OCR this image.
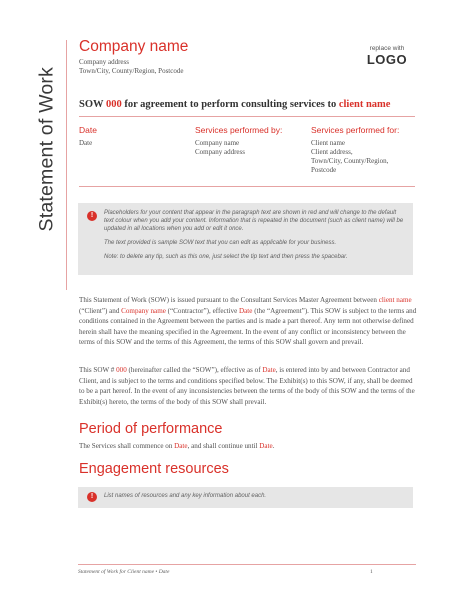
Statement of Work
Company name
Company address
Town/City, County/Region, Postcode
replace with
LOGO
SOW 000 for agreement to perform consulting services to client name
Date
Date
Services performed by:
Company name
Company address
Services performed for:
Client name
Client address,
Town/City, County/Region,
Postcode
!	Placeholders for your content that appear in the paragraph text are shown in red and will change to the default text colour when you add your content. Information that is repeated in the document (such as client name) will be updated in all locations when you add or edit it once.

The text provided is sample SOW text that you can edit as applicable for your business.

Note: to delete any tip, such as this one, just select the tip text and then press the spacebar.

This Statement of Work (SOW) is issued pursuant to the Consultant Services Master Agreement between client name (“Client”) and Company name (“Contractor”), effective Date (the “Agreement”). This SOW is subject to the terms and conditions contained in the Agreement between the parties and is made a part thereof. Any term not otherwise defined herein shall have the meaning specified in the Agreement. In the event of any conflict or inconsistency between the terms of this SOW and the terms of this Agreement, the terms of this SOW shall govern and prevail.

This SOW # 000 (hereinafter called the “SOW”), effective as of Date, is entered into by and between Contractor and Client, and is subject to the terms and conditions specified below. The Exhibit(s) to this SOW, if any, shall be deemed to be a part hereof. In the event of any inconsistencies between the terms of the body of this SOW and the terms of the Exhibit(s) hereto, the terms of the body of this SOW shall prevail.

Period of performance

The Services shall commence on Date, and shall continue until Date.

Engagement resources
!	List names of resources and any key information about each.
Statement of Work for Client name • Date	1
